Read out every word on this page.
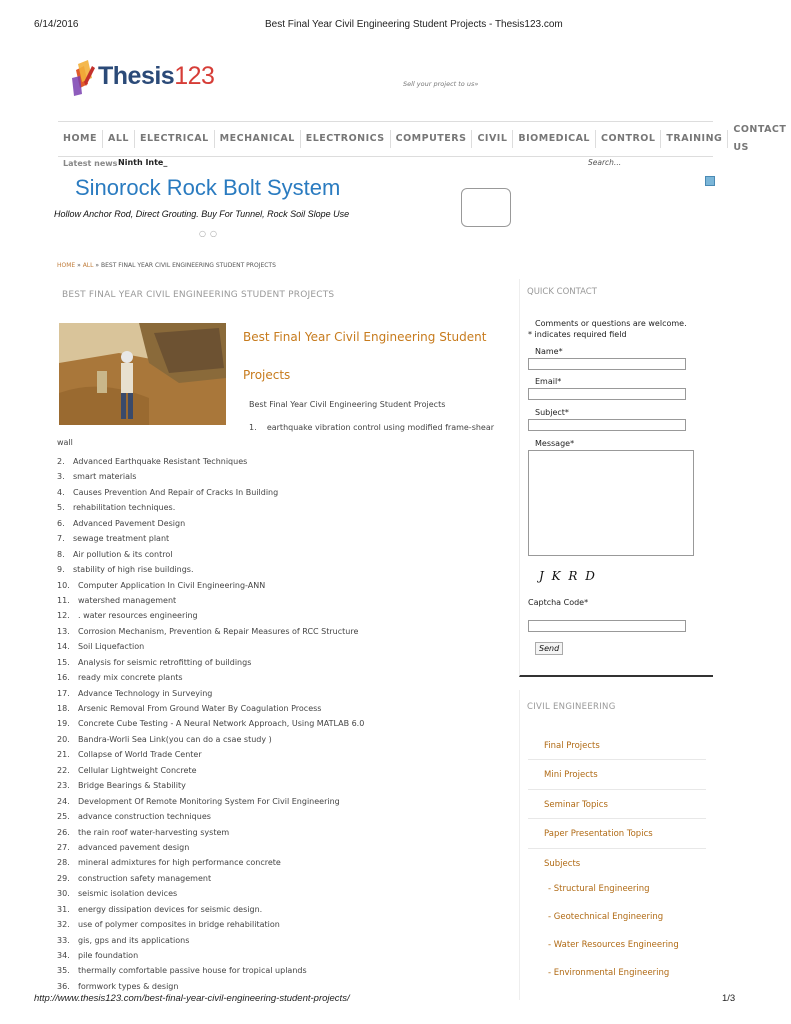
6/14/2016	Best Final Year Civil Engineering Student Projects - Thesis123.com
Thesis123	Sell your project to us»
HOME	ALL	ELECTRICAL	MECHANICAL	ELECTRONICS	COMPUTERS	CIVIL	BIOMEDICAL	CONTROL	TRAINING
CONTACT US
Latest news Ninth Inte_	Search...
Sinorock Rock Bolt System
Hollow Anchor Rod, Direct Grouting. Buy For Tunnel, Rock Soil Slope Use
○○
HOME » ALL » BEST FINAL YEAR CIVIL ENGINEERING STUDENT PROJECTS
BEST FINAL YEAR CIVIL ENGINEERING STUDENT PROJECTS
Best Final Year Civil Engineering Student
Projects
Best Final Year Civil Engineering Student Projects
1. earthquake vibration control using modified frame-shear
wall
2. Advanced Earthquake Resistant Techniques
3. smart materials
4. Causes Prevention And Repair of Cracks In Building
5. rehabilitation techniques.
6. Advanced Pavement Design
7. sewage treatment plant
8. Air pollution & its control
9. stability of high rise buildings.
10. Computer Application In Civil Engineering-ANN
11. watershed management
12. . water resources engineering
13. Corrosion Mechanism, Prevention & Repair Measures of RCC Structure
14. Soil Liquefaction
15. Analysis for seismic retrofitting of buildings
16. ready mix concrete plants
17. Advance Technology in Surveying
18. Arsenic Removal From Ground Water By Coagulation Process
19. Concrete Cube Testing - A Neural Network Approach, Using MATLAB 6.0
20. Bandra-Worli Sea Link(you can do a csae study )
21. Collapse of World Trade Center
22. Cellular Lightweight Concrete
23. Bridge Bearings & Stability
24. Development Of Remote Monitoring System For Civil Engineering
25. advance construction techniques
26. the rain roof water-harvesting system
27. advanced pavement design
28. mineral admixtures for high performance concrete
29. construction safety management
30. seismic isolation devices
31. energy dissipation devices for seismic design.
32. use of polymer composites in bridge rehabilitation
33. gis, gps and its applications
34. pile foundation
35. thermally comfortable passive house for tropical uplands
36. formwork types & design
QUICK CONTACT
Comments or questions are welcome.
* indicates required field
Name*
Email*
Subject*
Message*
J K R D
Captcha Code*
Send
CIVIL ENGINEERING
Final Projects
Mini Projects
Seminar Topics
Paper Presentation Topics
Subjects
- Structural Engineering
- Geotechnical Engineering
- Water Resources Engineering
- Environmental Engineering
http://www.thesis123.com/best-final-year-civil-engineering-student-projects/	1/3
